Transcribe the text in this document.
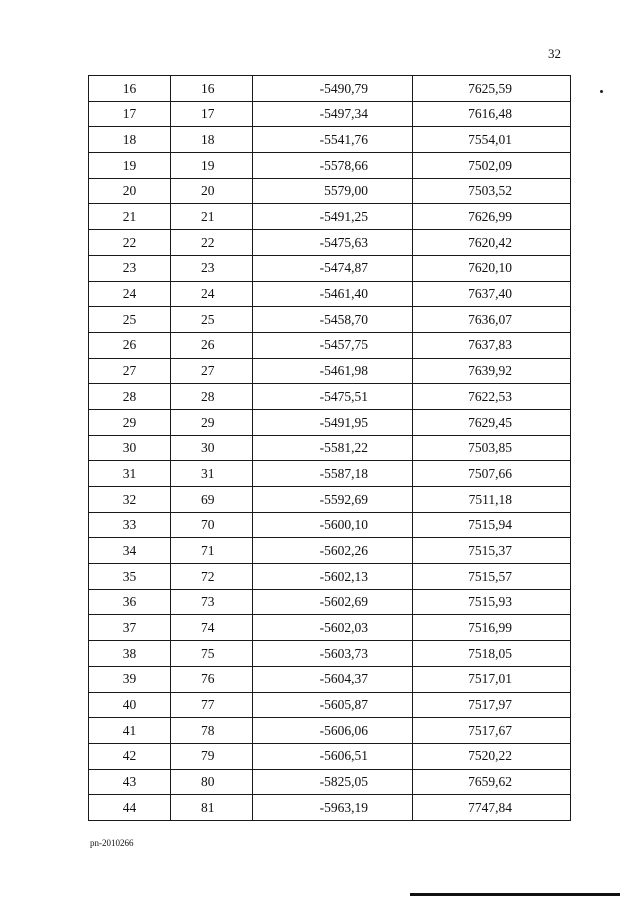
32
16	16	-5490,79	7625,59
17	17	-5497,34	7616,48
18	18	-5541,76	7554,01
19	19	-5578,66	7502,09
20	20	5579,00	7503,52
21	21	-5491,25	7626,99
22	22	-5475,63	7620,42
23	23	-5474,87	7620,10
24	24	-5461,40	7637,40
25	25	-5458,70	7636,07
26	26	-5457,75	7637,83
27	27	-5461,98	7639,92
28	28	-5475,51	7622,53
29	29	-5491,95	7629,45
30	30	-5581,22	7503,85
31	31	-5587,18	7507,66
32	69	-5592,69	7511,18
33	70	-5600,10	7515,94
34	71	-5602,26	7515,37
35	72	-5602,13	7515,57
36	73	-5602,69	7515,93
37	74	-5602,03	7516,99
38	75	-5603,73	7518,05
39	76	-5604,37	7517,01
40	77	-5605,87	7517,97
41	78	-5606,06	7517,67
42	79	-5606,51	7520,22
43	80	-5825,05	7659,62
44	81	-5963,19	7747,84
pn-2010266
